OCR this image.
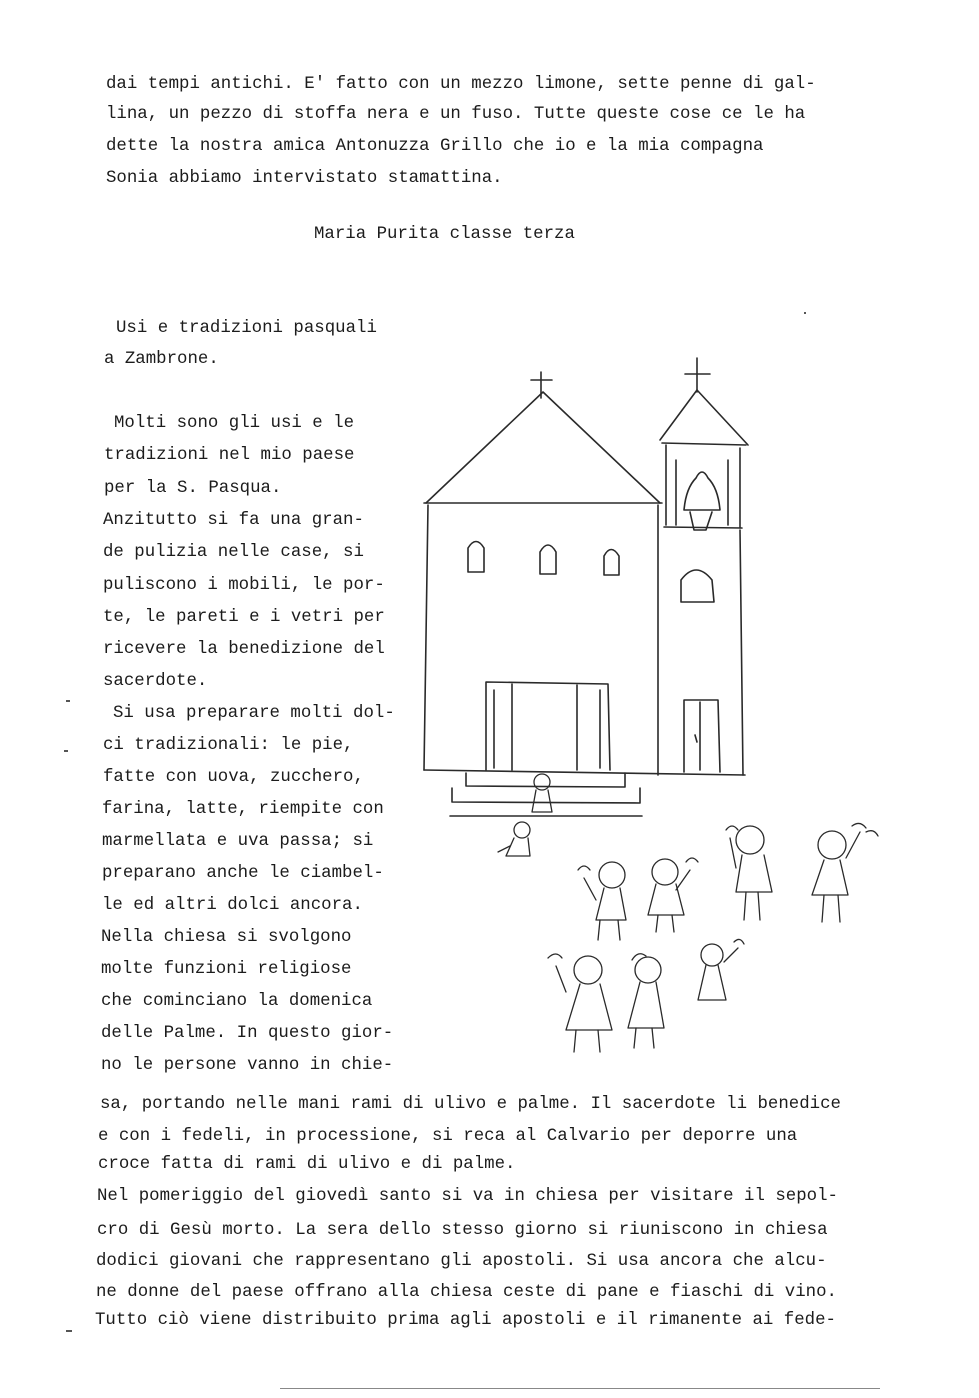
dai tempi antichi. E' fatto con un mezzo limone, sette penne di gal-
lina, un pezzo di stoffa nera e un fuso. Tutte queste cose ce le ha
dette la nostra amica Antonuzza Grillo che io e la mia compagna
Sonia abbiamo intervistato stamattina.
Maria Purita classe terza
Usi e tradizioni pasquali
a Zambrone.
Molti sono gli usi e le
tradizioni nel mio paese
per la S. Pasqua.
Anzitutto si fa una gran-
de pulizia nelle case, si
puliscono i mobili, le por-
te, le pareti e i vetri per
ricevere la benedizione del
sacerdote.
Si usa preparare molti dol-
ci tradizionali: le pie,
fatte con uova, zucchero,
farina, latte, riempite con
marmellata e uva passa; si
preparano anche le ciambel-
le ed altri dolci ancora.
Nella chiesa si svolgono
molte funzioni religiose
che cominciano la domenica
delle Palme. In questo gior-
no le persone vanno in chie-
sa, portando nelle mani rami di ulivo e palme. Il sacerdote li benedice
e con i fedeli, in processione, si reca al Calvario per deporre una
croce fatta di rami di ulivo e di palme.
Nel pomeriggio del giovedì santo si va in chiesa per visitare il sepol-
cro di Gesù morto. La sera dello stesso giorno si riuniscono in chiesa
dodici giovani che rappresentano gli apostoli. Si usa ancora che alcu-
ne donne del paese offrano alla chiesa ceste di pane e fiaschi di vino.
Tutto ciò viene distribuito prima agli apostoli e il rimanente ai fede-
